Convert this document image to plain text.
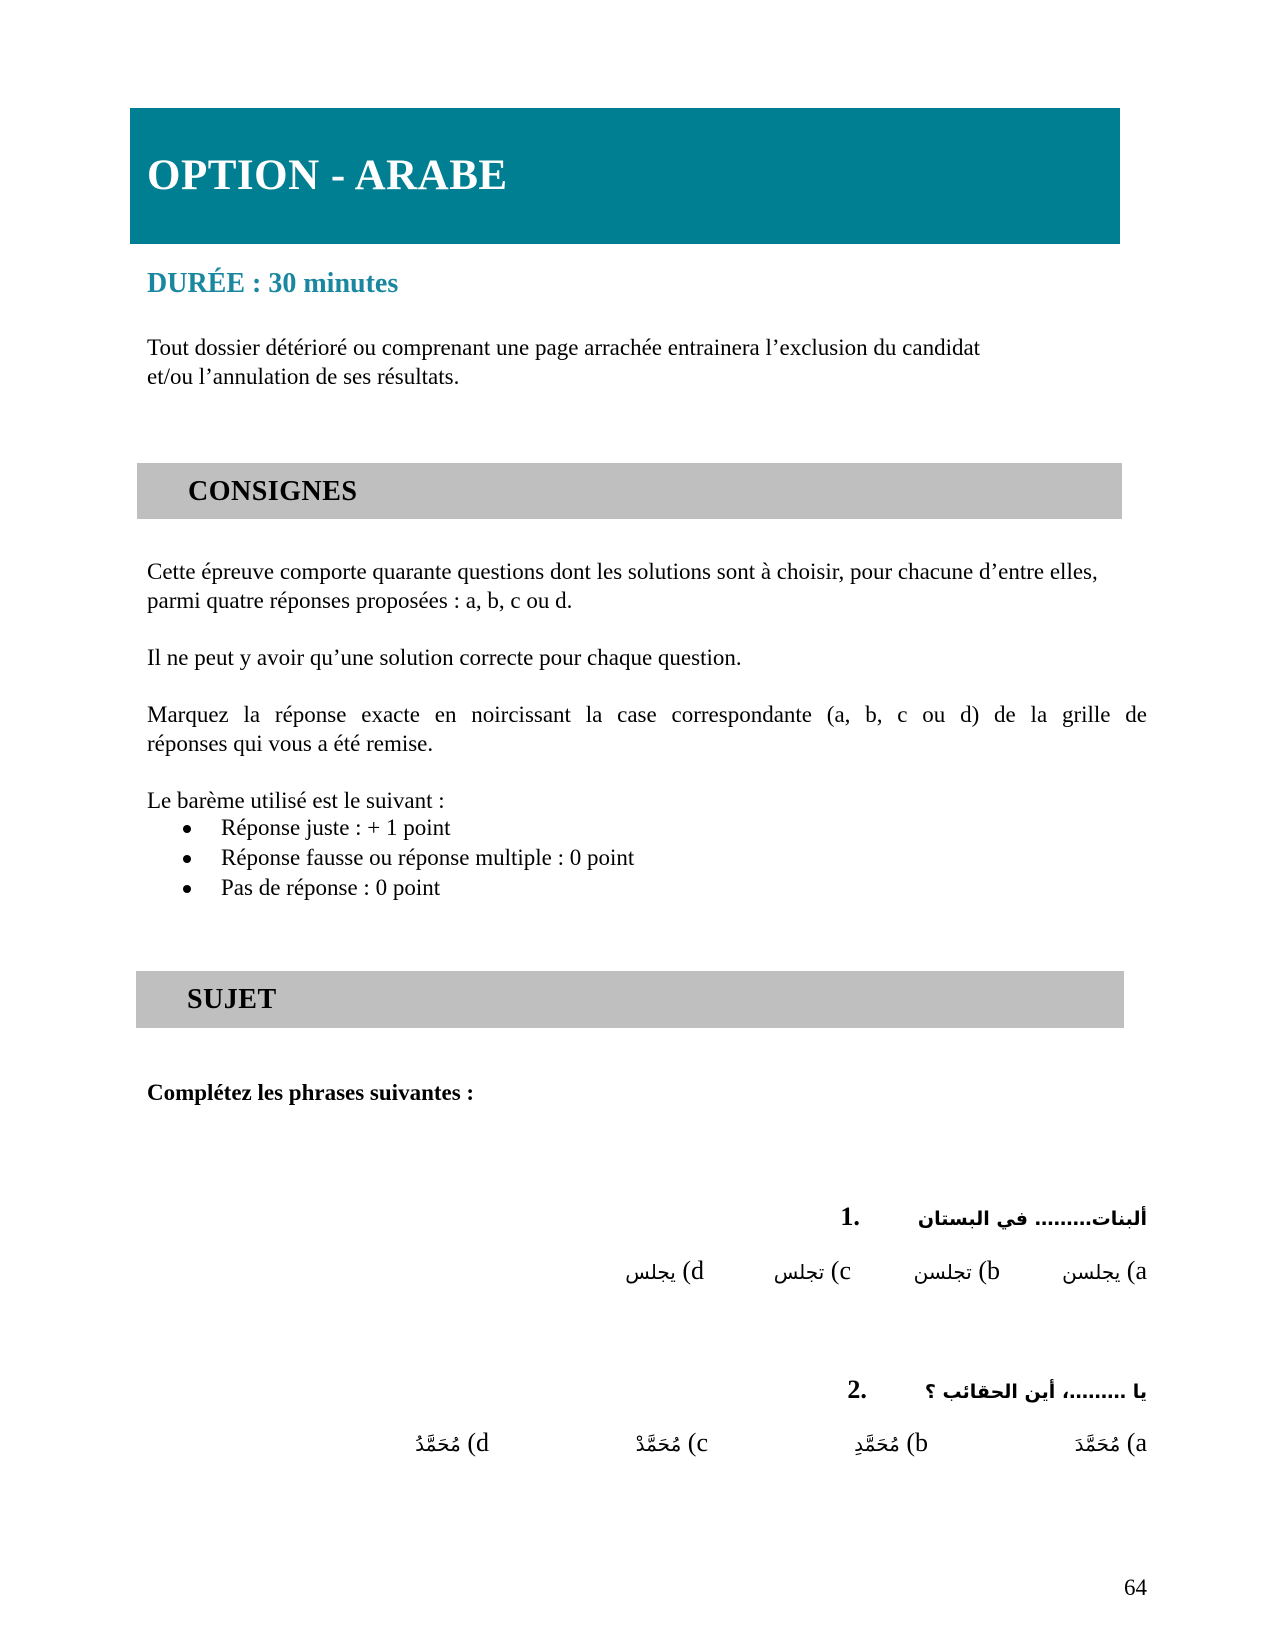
OPTION - ARABE
DURÉE : 30 minutes
Tout dossier détérioré ou comprenant une page arrachée entrainera l’exclusion du candidat
et/ou l’annulation de ses résultats.
CONSIGNES
Cette épreuve comporte quarante questions dont les solutions sont à choisir, pour chacune d’entre elles, parmi quatre réponses proposées : a, b, c ou d.
Il ne peut y avoir qu’une solution correcte pour chaque question.
Marquez la réponse exacte en noircissant la case correspondante (a, b, c ou d) de la grille de
réponses qui vous a été remise.
Le barème utilisé est le suivant :
Réponse juste : + 1 point
Réponse fausse ou réponse multiple : 0 point
Pas de réponse : 0 point
SUJET
Complétez les phrases suivantes :
ألبنات……… في البستان  .1
يجلسن (a
تجلسن (b
تجلس (c
يجلس (d
يا ………، أين الحقائب ؟  .2
مُحَمَّدَ (a
مُحَمَّدِ (b
مُحَمَّدْ (c
مُحَمَّدُ (d
64
